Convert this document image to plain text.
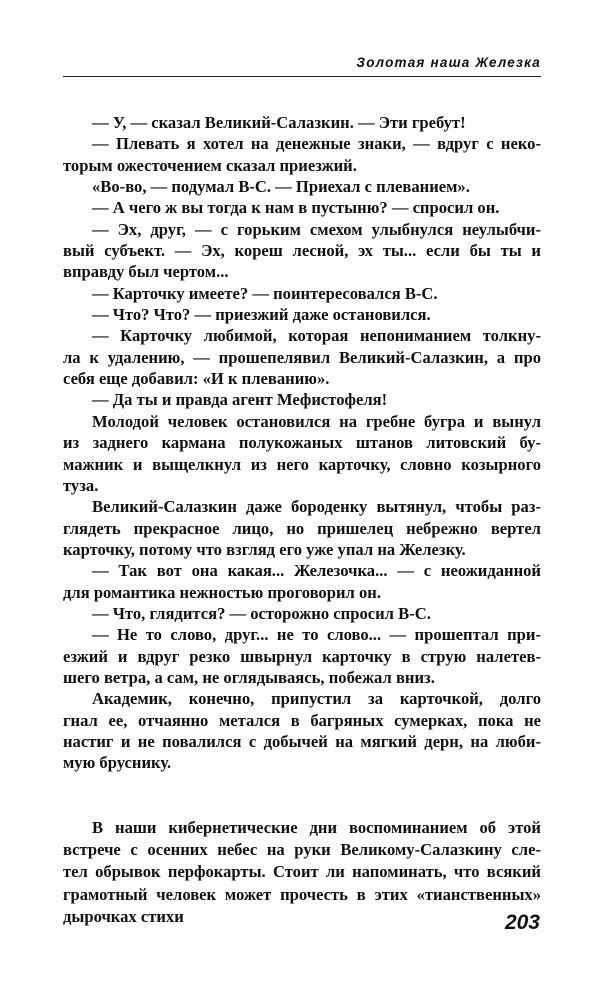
Золотая наша Железка
— У, — сказал Великий-Салазкин. — Эти гребут!
— Плевать я хотел на денежные знаки, — вдруг с неко-
торым ожесточением сказал приезжий.
«Во-во, — подумал В-С. — Приехал с плеванием».
— А чего ж вы тогда к нам в пустыню? — спросил он.
— Эх, друг, — с горьким смехом улыбнулся неулыбчи-
вый субъект. — Эх, кореш лесной, эх ты... если бы ты и
вправду был чертом...
— Карточку имеете? — поинтересовался В-С.
— Что? Что? — приезжий даже остановился.
— Карточку любимой, которая непониманием толкну-
ла к удалению, — прошепелявил Великий-Салазкин, а про
себя еще добавил: «И к плеванию».
— Да ты и правда агент Мефистофеля!
Молодой человек остановился на гребне бугра и вынул
из заднего кармана полукожаных штанов литовский бу-
мажник и выщелкнул из него карточку, словно козырного
туза.
Великий-Салазкин даже бороденку вытянул, чтобы раз-
глядеть прекрасное лицо, но пришелец небрежно вертел
карточку, потому что взгляд его уже упал на Железку.
— Так вот она какая... Железочка... — с неожиданной
для романтика нежностью проговорил он.
— Что, глядится? — осторожно спросил В-С.
— Не то слово, друг... не то слово... — прошептал при-
езжий и вдруг резко швырнул карточку в струю налетев-
шего ветра, а сам, не оглядываясь, побежал вниз.
Академик, конечно, припустил за карточкой, долго
гнал ее, отчаянно метался в багряных сумерках, пока не
настиг и не повалился с добычей на мягкий дерн, на люби-
мую бруснику.
В наши кибернетические дни воспоминанием об этой
встрече с осенних небес на руки Великому-Салазкину сле-
тел обрывок перфокарты. Стоит ли напоминать, что всякий
грамотный человек может прочесть в этих «тианственных»
дырочках стихи	203
